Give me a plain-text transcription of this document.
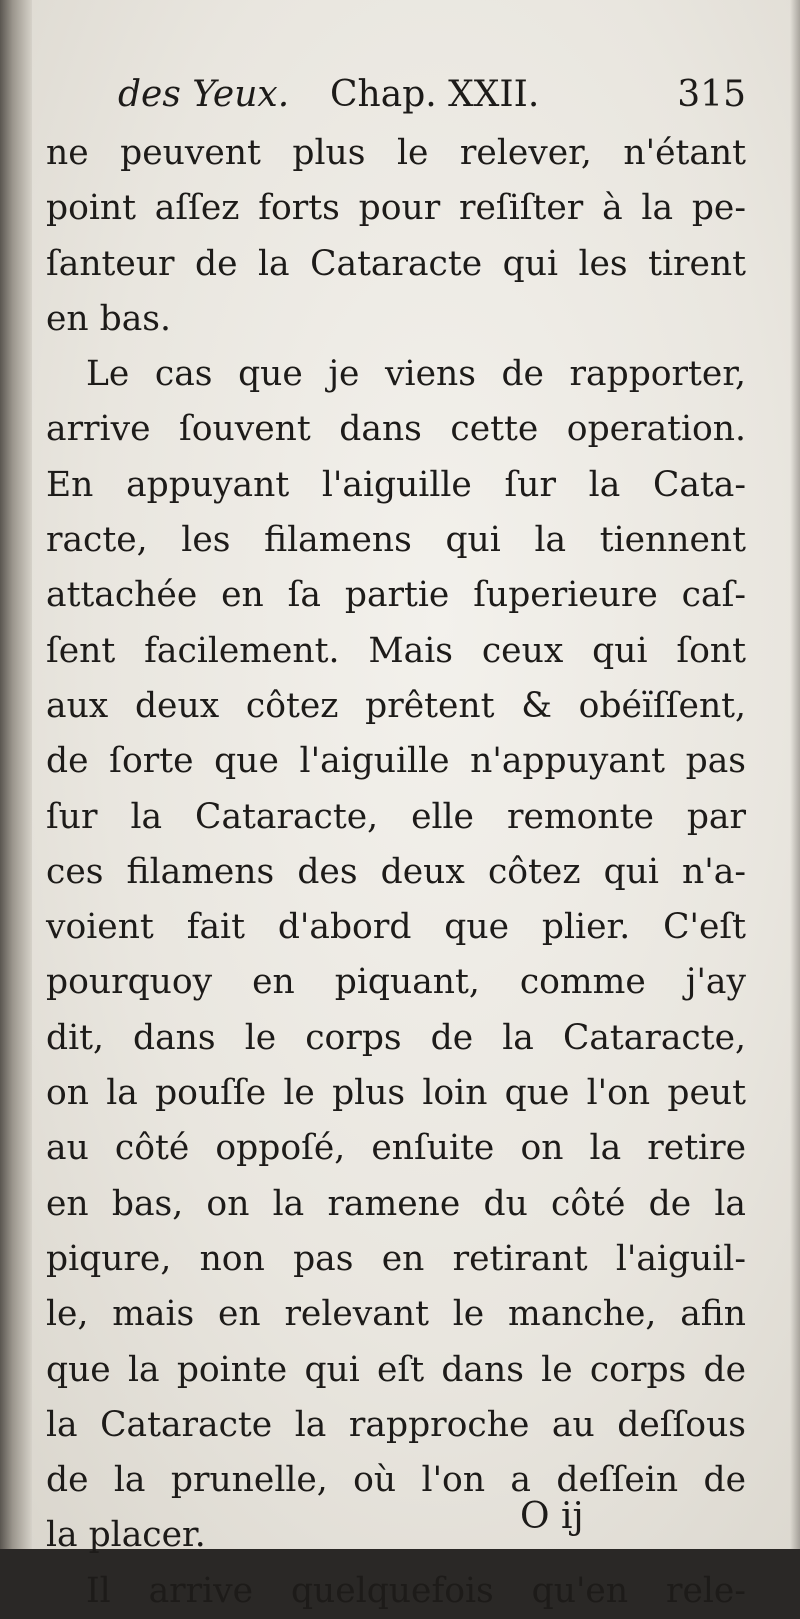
des Yeux. Chap. XXII.	315
ne peuvent plus le relever, n'étant
point aſſez forts pour reſiſter à la pe-
ſanteur de la Cataracte qui les tirent
en bas.
Le cas que je viens de rapporter,
arrive ſouvent dans cette operation.
En appuyant l'aiguille ſur la Cata-
racte, les filamens qui la tiennent
attachée en ſa partie ſuperieure caſ-
ſent facilement. Mais ceux qui ſont
aux deux côtez prêtent & obéïſſent,
de ſorte que l'aiguille n'appuyant pas
ſur la Cataracte, elle remonte par
ces filamens des deux côtez qui n'a-
voient fait d'abord que plier. C'eſt
pourquoy en piquant, comme j'ay
dit, dans le corps de la Cataracte,
on la pouſſe le plus loin que l'on peut
au côté oppoſé, enſuite on la retire
en bas, on la ramene du côté de la
piqure, non pas en retirant l'aiguil-
le, mais en relevant le manche, afin
que la pointe qui eſt dans le corps de
la Cataracte la rapproche au deſſous
de la prunelle, où l'on a deſſein de
la placer.
Il arrive quelquefois qu'en rele-
O ij
